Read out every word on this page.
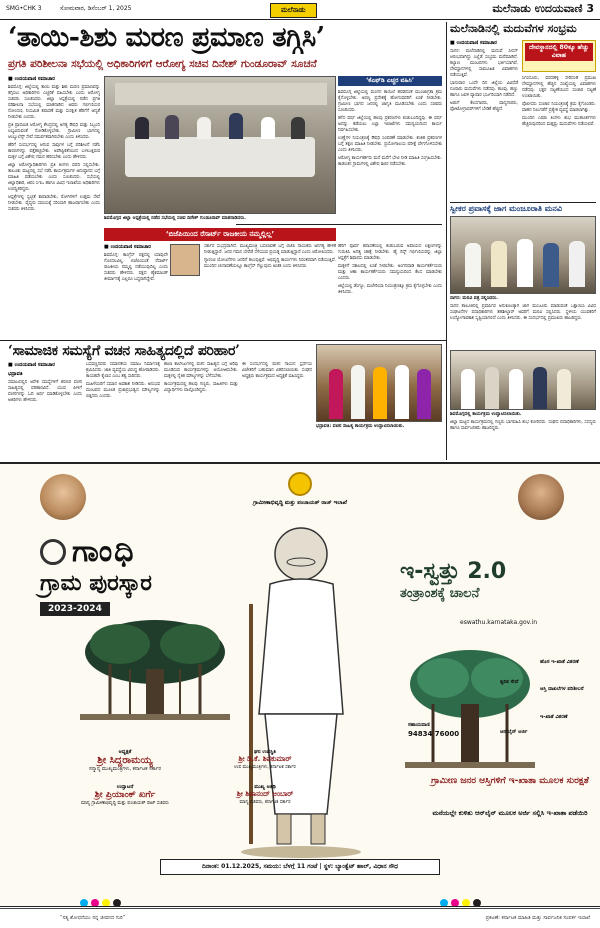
SMG•CHK 3	ಸೋಮವಾರ, ಡಿಸೆಂಬರ್ 1, 2025	ಮಲೆನಾಡು	ಮಲೆನಾಡು ಉದಯವಾಣಿ 3
‘ತಾಯಿ-ಶಿಶು ಮರಣ ಪ್ರಮಾಣ ತಗ್ಗಿಸಿ’
ಪ್ರಗತಿ ಪರಿಶೀಲನಾ ಸಭೆಯಲ್ಲಿ ಅಧಿಕಾರಿಗಳಿಗೆ ಆರೋಗ್ಯ ಸಚಿವ ದಿನೇಶ್ ಗುಂಡೂರಾವ್ ಸೂಚನೆ
■ ಉದಯವಾಣಿ ಸಮಾಚಾರ

ಶಿವಮೊಗ್ಗ: ಜಿಲ್ಲೆಯಲ್ಲಿ ತಾಯಿ ಮತ್ತು ಶಿಶು ಮರಣ ಪ್ರಮಾಣವನ್ನು ತಗ್ಗಿಸಲು ಅಧಿಕಾರಿಗಳು ಎಚ್ಚರಿಕೆ ವಹಿಸಬೇಕು ಎಂದು ಆರೋಗ್ಯ ಸಚಿವರು ಸೂಚಿಸಿದರು. ಜಿಲ್ಲಾ ಆಸ್ಪತ್ರೆಯಲ್ಲಿ ನಡೆದ ಪ್ರಗತಿ ಪರಿಶೀಲನಾ ಸಭೆಯಲ್ಲಿ ಮಾತನಾಡಿದ ಅವರು ಗರ್ಭಿಣಿಯರ ನೋಂದಣಿ, ನಿಯಮಿತ ತಪಾಸಣೆ ಮತ್ತು ಸುರಕ್ಷಿತ ಹೆರಿಗೆಗೆ ಆದ್ಯತೆ ನೀಡಬೇಕು ಎಂದರು.

ಪ್ರತಿ ಪ್ರಾಥಮಿಕ ಆರೋಗ್ಯ ಕೇಂದ್ರದಲ್ಲಿ ಅಗತ್ಯ ಔಷಧಿ ಮತ್ತು ಸಿಬ್ಬಂದಿ ಲಭ್ಯವಿರುವಂತೆ ನೋಡಿಕೊಳ್ಳಬೇಕು. ಗ್ರಾಮೀಣ ಭಾಗದಲ್ಲಿ ಆಂಬ್ಯುಲೆನ್ಸ್ ಸೇವೆ ಸಮರ್ಪಕವಾಗಿರಬೇಕು ಎಂದು ತಿಳಿಸಿದರು.

ಹೆರಿಗೆ ಸಂದರ್ಭದಲ್ಲಿ ಆಗುವ ಸಾವುಗಳ ಬಗ್ಗೆ ಪರಿಶೀಲನೆ ನಡೆಸಿ ಕಾರಣಗಳನ್ನು ಪತ್ತೆಹಚ್ಚಬೇಕು. ಅಪೌಷ್ಟಿಕತೆಯಿಂದ ಬಳಲುತ್ತಿರುವ ಮಕ್ಕಳ ಬಗ್ಗೆ ವಿಶೇಷ ಗಮನ ಹರಿಸಬೇಕು ಎಂದು ಹೇಳಿದರು.

ಜಿಲ್ಲಾ ಆರೋಗ್ಯಾಧಿಕಾರಿಗಳು ಪ್ರತಿ ತಿಂಗಳು ವರದಿ ಸಲ್ಲಿಸಬೇಕು. ತಾಲೂಕು ಮಟ್ಟದಲ್ಲಿ ಸಭೆ ನಡೆಸಿ ಕಾರ್ಯಕ್ರಮಗಳ ಅನುಷ್ಠಾನದ ಬಗ್ಗೆ ಮಾಹಿತಿ ಪಡೆಯಬೇಕು ಎಂದು ಸೂಚಿಸಿದರು. ಸಭೆಯಲ್ಲಿ ಜಿಲ್ಲಾಧಿಕಾರಿ, ಜಿಪಂ ಸಿಇಒ ಹಾಗೂ ವಿವಿಧ ಇಲಾಖೆಯ ಅಧಿಕಾರಿಗಳು ಉಪಸ್ಥಿತರಿದ್ದರು.

ಆಸ್ಪತ್ರೆಗಳಲ್ಲಿ ಸ್ವಚ್ಛತೆ ಕಾಪಾಡಬೇಕು, ರೋಗಿಗಳಿಗೆ ಉತ್ತಮ ಸೇವೆ ನೀಡಬೇಕು. ವೈದ್ಯರು ಸಮಯಕ್ಕೆ ಸರಿಯಾಗಿ ಹಾಜರಾಗಬೇಕು ಎಂದು ಸಚಿವರು ತಿಳಿಸಿದರು.

ಶಿವಮೊಗ್ಗದ ಜಿಲ್ಲಾ ಆಸ್ಪತ್ರೆಯಲ್ಲಿ ನಡೆದ ಸಭೆಯಲ್ಲಿ ಸಚಿವ ದಿನೇಶ್ ಗುಂಡೂರಾವ್ ಮಾತನಾಡಿದರು.
‘ಕೆಎಫ್‌ಡಿ ಎಚ್ಚರ ವಹಿಸಿ’

ಶಿವಮೊಗ್ಗ ಜಿಲ್ಲೆಯಲ್ಲಿ ಮಂಗನ ಕಾಯಿಲೆ ಹರಡದಂತೆ ಮುಂಜಾಗ್ರತಾ ಕ್ರಮ ಕೈಗೊಳ್ಳಬೇಕು. ಅರಣ್ಯ ಪ್ರದೇಶಕ್ಕೆ ಹೋಗುವವರಿಗೆ ಲಸಿಕೆ ನೀಡಬೇಕು. ಗ್ರಾಮೀಣ ಭಾಗದ ಜನರಲ್ಲಿ ಜಾಗೃತಿ ಮೂಡಿಸಬೇಕು ಎಂದು ಸಚಿವರು ಸೂಚಿಸಿದರು.

ಕಳೆದ ವರ್ಷ ಜಿಲ್ಲೆಯಲ್ಲಿ ಹಲವು ಪ್ರಕರಣಗಳು ಕಂಡುಬಂದಿದ್ದವು. ಈ ವರ್ಷ ಅದನ್ನು ತಡೆಯಲು ಎಲ್ಲಾ ಇಲಾಖೆಗಳು ಸಮನ್ವಯದಿಂದ ಕಾರ್ಯ ನಿರ್ವಹಿಸಬೇಕು.

ಉಣ್ಣೆಗಳ ನಿಯಂತ್ರಣಕ್ಕೆ ಔಷಧಿ ಸಿಂಪಡಣೆ ಮಾಡಬೇಕು. ಶಂಕಿತ ಪ್ರಕರಣಗಳ ಬಗ್ಗೆ ತಕ್ಷಣ ಮಾಹಿತಿ ನೀಡಬೇಕು. ಪ್ರಯೋಗಾಲಯ ಪರೀಕ್ಷೆ ವೇಗಗೊಳಿಸಬೇಕು ಎಂದು ತಿಳಿಸಿದರು.

ಆರೋಗ್ಯ ಕಾರ್ಯಕರ್ತರು ಮನೆ ಮನೆಗೆ ಭೇಟಿ ನೀಡಿ ಮಾಹಿತಿ ಸಂಗ್ರಹಿಸಬೇಕು. ಕಾಡಂಚಿನ ಗ್ರಾಮಗಳಲ್ಲಿ ವಿಶೇಷ ಶಿಬಿರ ನಡೆಸಬೇಕು.

‘ಬಿಜೆಪಿಯಿಂದ ರೆಸಾರ್ಟ್ ರಾಜಕೀಯ ನಮ್ಮಲ್ಲಿಲ್ಲ’
■ ಉದಯವಾಣಿ ಸಮಾಚಾರ

ಶಿವಮೊಗ್ಗ: ಕಾಂಗ್ರೆಸ್ ಪಕ್ಷದಲ್ಲಿ ಯಾವುದೇ ಗೊಂದಲವಿಲ್ಲ. ಬಿಜೆಪಿಯಂತೆ ರೆಸಾರ್ಟ್ ರಾಜಕೀಯ ನಮ್ಮಲ್ಲಿ ನಡೆಯುವುದಿಲ್ಲ ಎಂದು ಸಚಿವರು ಹೇಳಿದರು. ಪಕ್ಷದ ಹೈಕಮಾಂಡ್ ತೀರ್ಮಾನಕ್ಕೆ ಎಲ್ಲರೂ ಬದ್ಧರಾಗಿದ್ದೇವೆ.

ಸರ್ಕಾರ ಸುಭದ್ರವಾಗಿದೆ. ಮುಖ್ಯಮಂತ್ರಿ ಬದಲಾವಣೆ ಬಗ್ಗೆ ಬಿಜೆಪಿ ನಾಯಕರು ಅನಗತ್ಯ ಹೇಳಿಕೆ ನೀಡುತ್ತಿದ್ದಾರೆ. ಜನರ ಗಮನ ಬೇರೆಡೆ ಸೆಳೆಯುವ ಪ್ರಯತ್ನ ಮಾಡುತ್ತಿದ್ದಾರೆ ಎಂದು ಆರೋಪಿಸಿದರು.

ಗ್ಯಾರಂಟಿ ಯೋಜನೆಗಳು ಜನರಿಗೆ ತಲುಪುತ್ತಿವೆ. ಅಭಿವೃದ್ಧಿ ಕಾರ್ಯಗಳು ನಿರಂತರವಾಗಿ ನಡೆಯುತ್ತಿವೆ. ಮುಂದಿನ ಚುನಾವಣೆಯಲ್ಲೂ ಕಾಂಗ್ರೆಸ್ ಗೆಲ್ಲುವುದು ಖಚಿತ ಎಂದು ತಿಳಿಸಿದರು.

ಹೆರಿಗೆ ಪೂರ್ವ ತಪಾಸಣೆಯಲ್ಲಿ ಕಂಡುಬರುವ ಅಪಾಯದ ಲಕ್ಷಣಗಳನ್ನು ಗುರುತಿಸಿ ಅಗತ್ಯ ಚಿಕಿತ್ಸೆ ನೀಡಬೇಕು. ಹೈ ರಿಸ್ಕ್ ಗರ್ಭಿಣಿಯರನ್ನು ಜಿಲ್ಲಾ ಆಸ್ಪತ್ರೆಗೆ ಶಿಫಾರಸು ಮಾಡಬೇಕು.

ಮಕ್ಕಳಿಗೆ ಸಕಾಲದಲ್ಲಿ ಲಸಿಕೆ ನೀಡಬೇಕು. ಅಂಗನವಾಡಿ ಕಾರ್ಯಕರ್ತೆಯರು ಮತ್ತು ಆಶಾ ಕಾರ್ಯಕರ್ತೆಯರು ಸಮನ್ವಯದಿಂದ ಕೆಲಸ ಮಾಡಬೇಕು ಎಂದರು.

ಜಿಲ್ಲೆಯಲ್ಲಿ ಡೆಂಗ್ಯೂ, ಮಲೇರಿಯಾ ನಿಯಂತ್ರಣಕ್ಕೂ ಕ್ರಮ ಕೈಗೊಳ್ಳಬೇಕು ಎಂದು ತಿಳಿಸಿದರು.

ಮಲೆನಾಡಿನಲ್ಲಿ ಮದುವೆಗಳ ಸಂಭ್ರಮ
■ ಉದಯವಾಣಿ ಸಮಾಚಾರ

ಸಾಗರ: ಮಲೆನಾಡಿನಲ್ಲಿ ಮದುವೆ ಸೀಸನ್ ಆರಂಭವಾಗಿದ್ದು ಎಲ್ಲೆಡೆ ಸಂಭ್ರಮ ಮನೆಮಾಡಿದೆ. ಕಲ್ಯಾಣ ಮಂಟಪಗಳು ಭರ್ತಿಯಾಗಿವೆ. ದೇವಸ್ಥಾನಗಳಲ್ಲಿ ಸಾಮೂಹಿಕ ವಿವಾಹಗಳು ನಡೆಯುತ್ತಿವೆ.

ಭಾನುವಾರ ಒಂದೇ ದಿನ ಜಿಲ್ಲೆಯ ವಿವಿಧೆಡೆ ನೂರಾರು ಮದುವೆಗಳು ನಡೆದವು. ಹೂವು, ಹಣ್ಣು ಹಾಗೂ ಜವಳಿ ವ್ಯಾಪಾರ ಭರ್ಜರಿಯಾಗಿ ನಡೆದಿದೆ.

ಅಡುಗೆ ಕೆಲಸಗಾರರು, ವಾದ್ಯಗಾರರು, ಫೋಟೋಗ್ರಾಫರ್‌ಗಳಿಗೆ ಬೇಡಿಕೆ ಹೆಚ್ಚಿದೆ.

ದೇವಸ್ಥಾನದಲ್ಲಿ 80ಕ್ಕೂ ಹೆಚ್ಚು ವಿವಾಹ

ಸಿಗಂದೂರು, ವರದಹಳ್ಳಿ ಸೇರಿದಂತೆ ಪ್ರಮುಖ ದೇವಸ್ಥಾನಗಳಲ್ಲಿ ಹೆಚ್ಚಿನ ಸಂಖ್ಯೆಯಲ್ಲಿ ವಿವಾಹಗಳು ನಡೆದವು. ಭಕ್ತರ ದಟ್ಟಣೆಯಿಂದ ಸಂಚಾರ ದಟ್ಟಣೆ ಉಂಟಾಯಿತು.

ಪೊಲೀಸರು ಸಂಚಾರ ನಿಯಂತ್ರಣಕ್ಕೆ ಕ್ರಮ ಕೈಗೊಂಡರು. ವಾಹನ ನಿಲುಗಡೆಗೆ ಪ್ರತ್ಯೇಕ ವ್ಯವಸ್ಥೆ ಮಾಡಲಾಗಿತ್ತು.

ಮುಂದಿನ ಎರಡು ತಿಂಗಳು ಶುಭ ಮುಹೂರ್ತಗಳು ಹೆಚ್ಚಿರುವುದರಿಂದ ಮತ್ತಷ್ಟು ಮದುವೆಗಳು ನಡೆಯಲಿವೆ.

ಸ್ವೀಕರ ಪ್ರವಾಸಕ್ಕೆ ಜಾಗ ಮಂಜೂರಾತಿ ಮನವಿ
ಸಾಗರ: ಮನವಿ ಪತ್ರ ಸಲ್ಲಿಸಿದರು.

ಸಾಗರ ತಾಲೂಕಿನಲ್ಲಿ ಪ್ರವಾಸಿಗರ ಅನುಕೂಲಕ್ಕಾಗಿ ಜಾಗ ಮಂಜೂರು ಮಾಡುವಂತೆ ಒತ್ತಾಯಿಸಿ ವಿವಿಧ ಸಂಘಟನೆಗಳ ಪದಾಧಿಕಾರಿಗಳು ತಹಶೀಲ್ದಾರ್ ಅವರಿಗೆ ಮನವಿ ಸಲ್ಲಿಸಿದರು. ಸ್ಥಳೀಯ ಯುವಕರಿಗೆ ಉದ್ಯೋಗಾವಕಾಶ ಸೃಷ್ಟಿಯಾಗಲಿದೆ ಎಂದು ತಿಳಿಸಿದರು. ಈ ಸಂದರ್ಭದಲ್ಲಿ ಪ್ರಮುಖರು ಹಾಜರಿದ್ದರು.

‘ಸಾಮಾಜಿಕ ಸಮಸ್ಯೆಗೆ ವಚನ ಸಾಹಿತ್ಯದಲ್ಲಿದೆ ಪರಿಹಾರ’
■ ಉದಯವಾಣಿ ಸಮಾಚಾರ
ಭದ್ರಾವತಿ

ಸಮಾಜದಲ್ಲಿನ ಅನೇಕ ಸಮಸ್ಯೆಗಳಿಗೆ ಶರಣರ ವಚನ ಸಾಹಿತ್ಯದಲ್ಲಿ ಪರಿಹಾರವಿದೆ. ಯುವ ಪೀಳಿಗೆ ವಚನಗಳನ್ನು ಓದಿ ಅರ್ಥ ಮಾಡಿಕೊಳ್ಳಬೇಕು ಎಂದು ಅತಿಥಿಗಳು ಹೇಳಿದರು.

ಬಸವಣ್ಣನವರು ಸಮಾನತೆಯ ಸಮಾಜ ನಿರ್ಮಾಣಕ್ಕೆ ಶ್ರಮಿಸಿದರು. ಜಾತಿ ವ್ಯವಸ್ಥೆಯ ವಿರುದ್ಧ ಹೋರಾಡಿದರು. ಕಾಯಕವೇ ಕೈಲಾಸ ಎಂಬ ತತ್ವ ಸಾರಿದರು.

ಮಹಿಳೆಯರಿಗೆ ಸಮಾನ ಅವಕಾಶ ನೀಡಿದರು. ಅನುಭವ ಮಂಟಪದ ಮೂಲಕ ಪ್ರಜಾಪ್ರಭುತ್ವದ ಮೌಲ್ಯಗಳನ್ನು ಬಿತ್ತಿದರು ಎಂದರು.

ಶಾಲಾ ಕಾಲೇಜುಗಳಲ್ಲಿ ವಚನ ಸಾಹಿತ್ಯದ ಬಗ್ಗೆ ಅರಿವು ಮೂಡಿಸುವ ಕಾರ್ಯಕ್ರಮಗಳನ್ನು ಆಯೋಜಿಸಬೇಕು. ಮಕ್ಕಳಲ್ಲಿ ನೈತಿಕ ಮೌಲ್ಯಗಳನ್ನು ಬೆಳೆಸಬೇಕು.

ಕಾರ್ಯಕ್ರಮದಲ್ಲಿ ಹಲವು ಗಣ್ಯರು, ಸಾಹಿತಿಗಳು ಮತ್ತು ವಿದ್ಯಾರ್ಥಿಗಳು ಪಾಲ್ಗೊಂಡಿದ್ದರು.

ಈ ಸಂದರ್ಭದಲ್ಲಿ ವಚನ ಗಾಯನ ಸ್ಪರ್ಧೆಯ ವಿಜೇತರಿಗೆ ಬಹುಮಾನ ವಿತರಿಸಲಾಯಿತು. ಸಂಘದ ಅಧ್ಯಕ್ಷರು ಕಾರ್ಯಕ್ರಮದ ಅಧ್ಯಕ್ಷತೆ ವಹಿಸಿದ್ದರು.

ಭದ್ರಾವತಿ: ವಚನ ಸಾಹಿತ್ಯ ಕಾರ್ಯಕ್ರಮ ಉದ್ಘಾಟಿಸಲಾಯಿತು.
ಶಿವಮೊಗ್ಗದಲ್ಲಿ ಕಾರ್ಯಕ್ರಮ ಉದ್ಘಾಟಿಸಲಾಯಿತು.

ಜಿಲ್ಲಾ ಮಟ್ಟದ ಕಾರ್ಯಕ್ರಮದಲ್ಲಿ ಗಣ್ಯರು ಭಾಗವಹಿಸಿ ಶುಭ ಕೋರಿದರು. ಸಂಘದ ಪದಾಧಿಕಾರಿಗಳು, ಸದಸ್ಯರು ಹಾಗೂ ಸಾರ್ವಜನಿಕರು ಹಾಜರಿದ್ದರು.

ಗ್ರಾಮೀಣಾಭಿವೃದ್ಧಿ ಮತ್ತು ಪಂಚಾಯತ್ ರಾಜ್ ಇಲಾಖೆ
ಗಾಂಧಿ
ಗ್ರಾಮ ಪುರಸ್ಕಾರ
2023-2024
ಇ-ಸ್ವತ್ತು 2.0
ತಂತ್ರಾಂಶಕ್ಕೆ ಚಾಲನೆ
eswathu.karnataka.gov.in
ಹೊಸ ಇ-ಖಾತೆ ವಿತರಣೆ
ತ್ವರಿತ ಸೇವೆ
ಆಸ್ತಿ ದಾಖಲೆಗಳ ಪರಿಶೀಲನೆ
ಇ-ಖಾತೆ ವಿತರಣೆ
ಆನ್‌ಲೈನ್ ಅರ್ಜಿ
ಸಹಾಯವಾಣಿ
94834 76000
ಗ್ರಾಮೀಣ ಜನರ ಆಸ್ತಿಗಳಿಗೆ ಇ-ಖಾತಾ ಮೂಲಕ ಸುರಕ್ಷತೆ
ಮನೆಯಲ್ಲೇ ಕುಳಿತು ಆನ್‌ಲೈನ್ ಮೂಲಕ ಅರ್ಜಿ ಸಲ್ಲಿಸಿ ಇ-ಖಾತಾ ಪಡೆಯಿರಿ
ಅಧ್ಯಕ್ಷತೆ
ಶ್ರೀ ಸಿದ್ದರಾಮಯ್ಯ
ಸನ್ಮಾನ್ಯ ಮುಖ್ಯಮಂತ್ರಿಗಳು, ಕರ್ನಾಟಕ ಸರ್ಕಾರ
ಘನ ಉಪಸ್ಥಿತಿ
ಶ್ರೀ ಡಿ.ಕೆ. ಶಿವಕುಮಾರ್
ಉಪ ಮುಖ್ಯಮಂತ್ರಿಗಳು, ಕರ್ನಾಟಕ ಸರ್ಕಾರ
ಉದ್ಘಾಟನೆ
ಶ್ರೀ ಪ್ರಿಯಾಂಕ್ ಖರ್ಗೆ
ಮಾನ್ಯ ಗ್ರಾಮೀಣಾಭಿವೃದ್ಧಿ ಮತ್ತು ಪಂಚಾಯತ್ ರಾಜ್ ಸಚಿವರು
ಮುಖ್ಯ ಅತಿಥಿ
ಶ್ರೀ ಶಿವಾನಂದ್ ಅಂಬಾರ್
ಮಾನ್ಯ ಸಚಿವರು, ಕರ್ನಾಟಕ ಸರ್ಕಾರ
ದಿನಾಂಕ: 01.12.2025, ಸಮಯ: ಬೆಳಗ್ಗೆ 11 ಗಂಟೆ | ಸ್ಥಳ: ಬ್ಯಾಂಕ್ವೆಟ್ ಹಾಲ್, ವಿಧಾನ ಸೌಧ
“ಸತ್ಯ ಶೋಧನೆಯು ನನ್ನ ಜೀವನದ ಗುರಿ”	ಪ್ರಕಟಣೆ: ಕರ್ನಾಟಕ ಮಾಹಿತಿ ಮತ್ತು ಸಾರ್ವಜನಿಕ ಸಂಪರ್ಕ ಇಲಾಖೆ
